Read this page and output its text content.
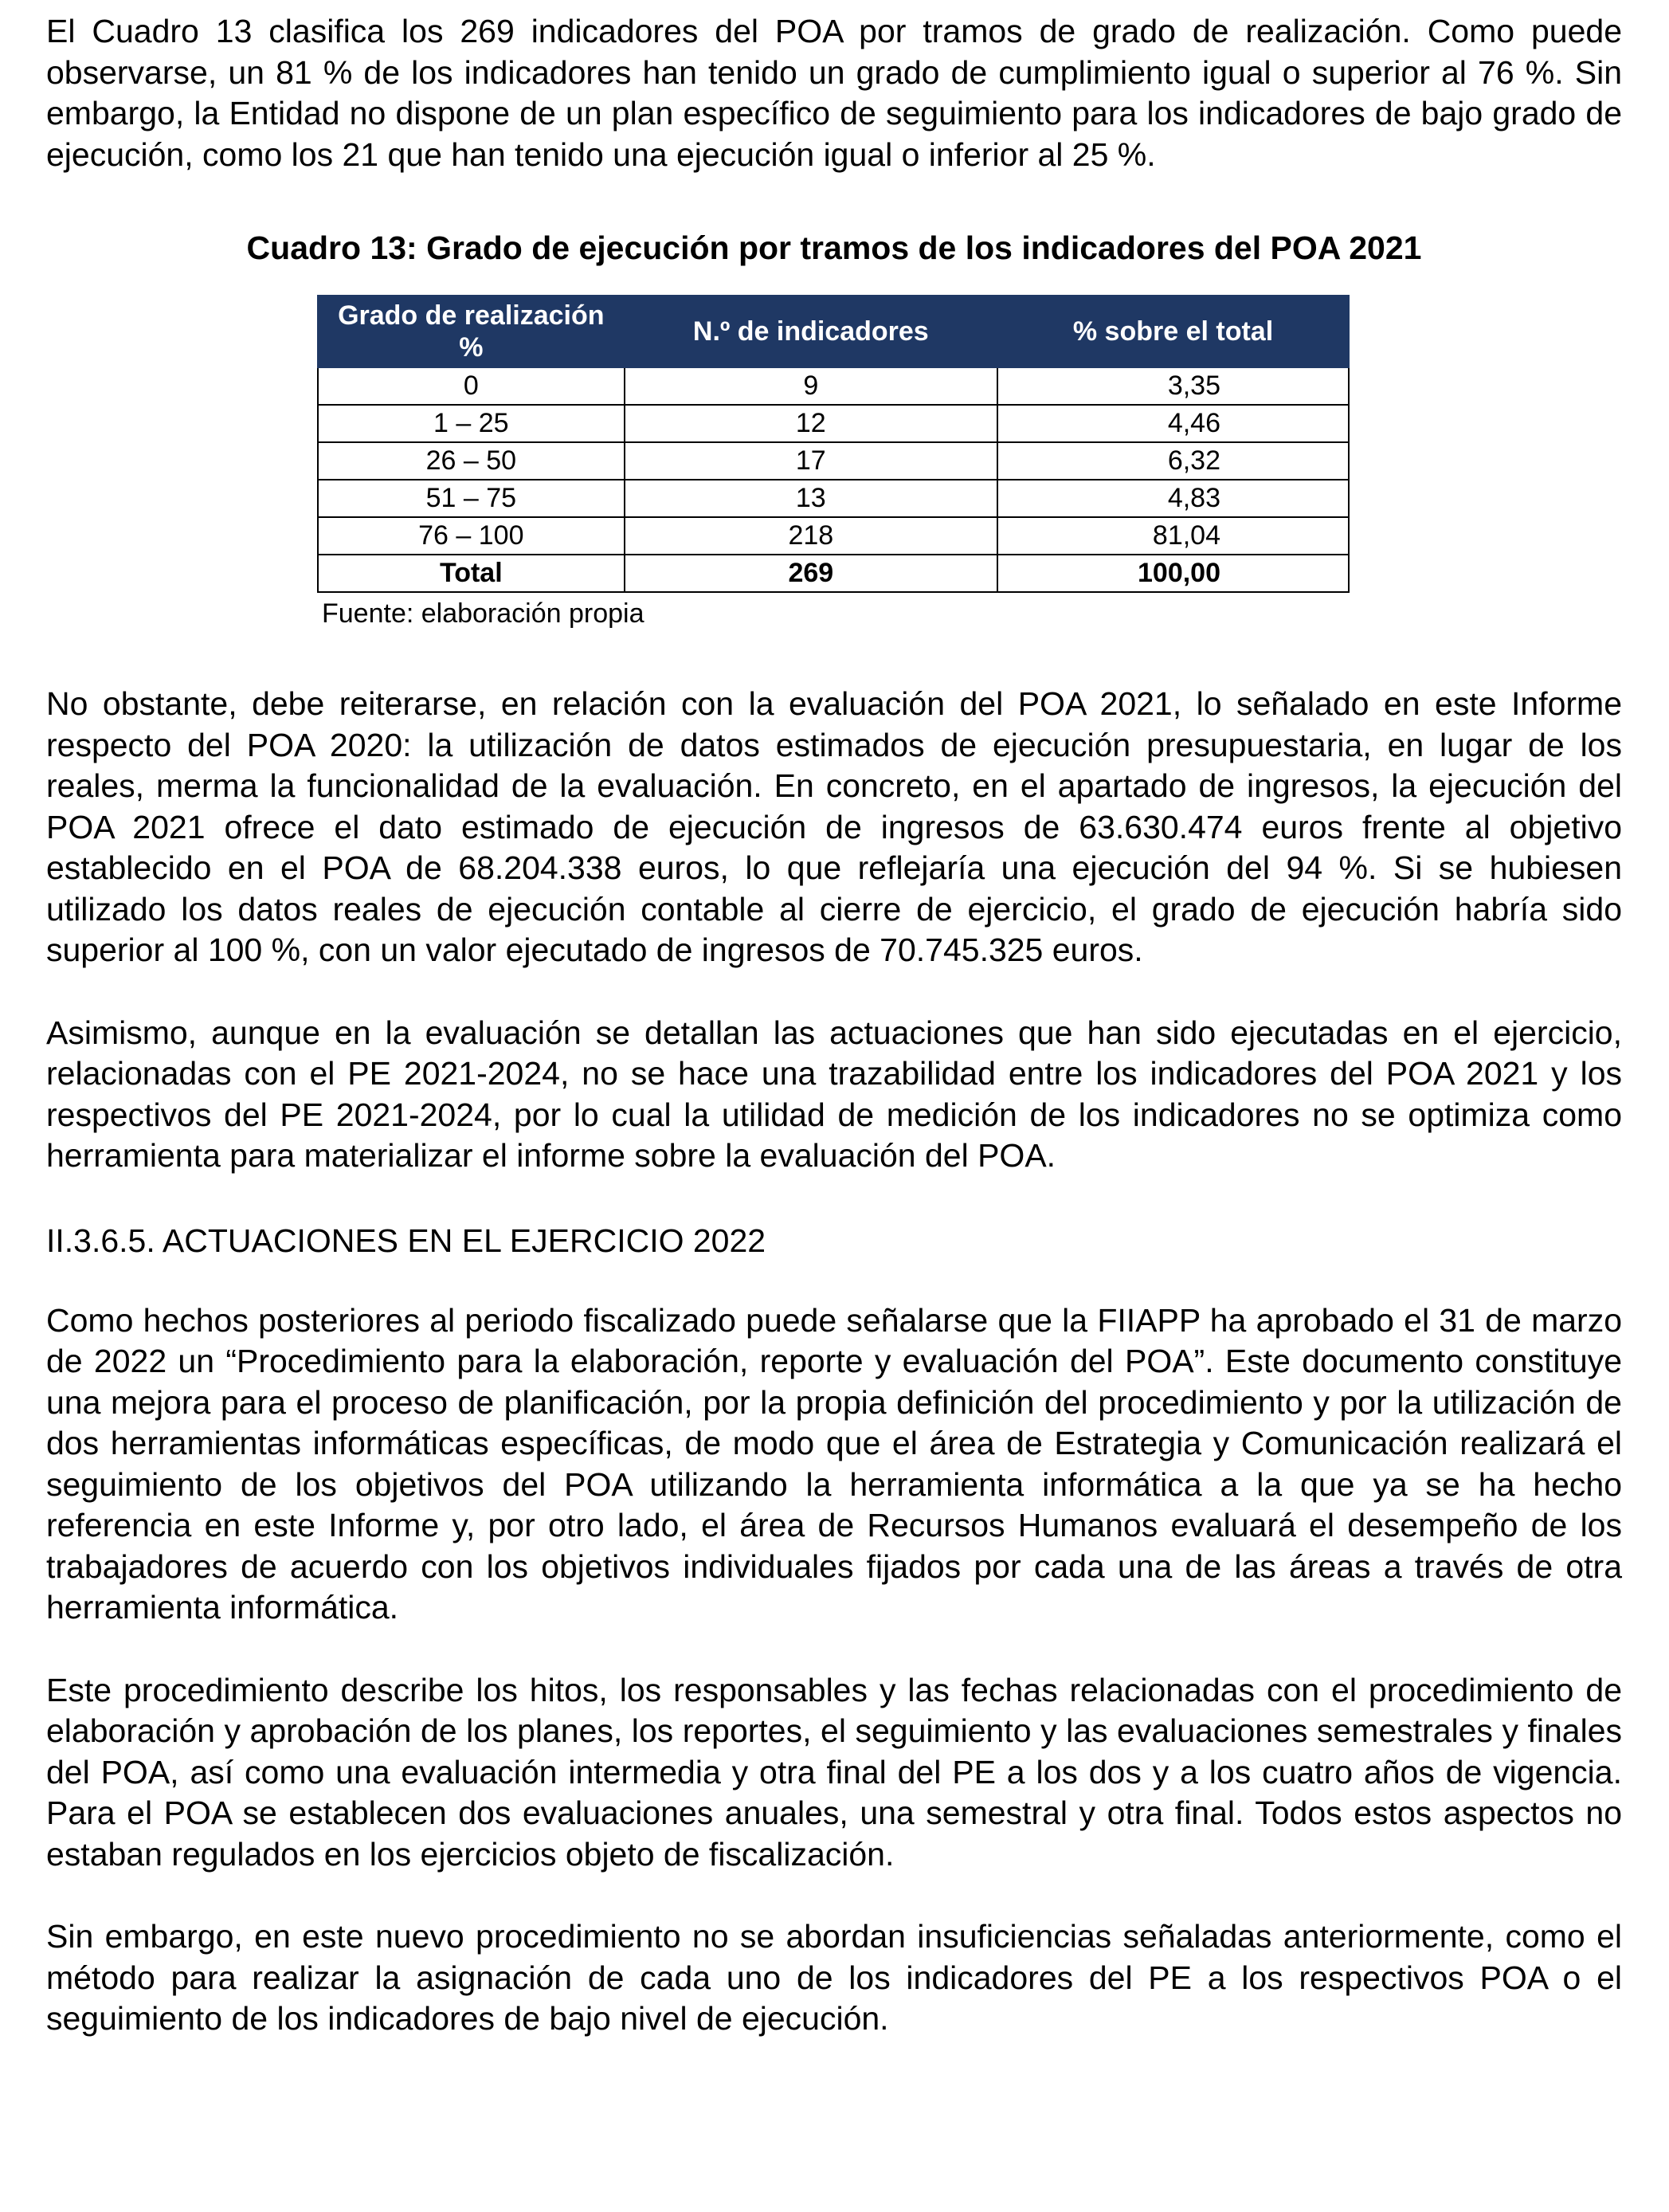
El Cuadro 13 clasifica los 269 indicadores del POA por tramos de grado de realización. Como puede observarse, un 81 % de los indicadores han tenido un grado de cumplimiento igual o superior al 76 %. Sin embargo, la Entidad no dispone de un plan específico de seguimiento para los indicadores de bajo grado de ejecución, como los 21 que han tenido una ejecución igual o inferior al 25 %.

Cuadro 13: Grado de ejecución por tramos de los indicadores del POA 2021

Grado de realización %	N.º de indicadores	% sobre el total
0	9	3,35
1 – 25	12	4,46
26 – 50	17	6,32
51 – 75	13	4,83
76 – 100	218	81,04
Total	269	100,00
Fuente: elaboración propia

No obstante, debe reiterarse, en relación con la evaluación del POA 2021, lo señalado en este Informe respecto del POA 2020: la utilización de datos estimados de ejecución presupuestaria, en lugar de los reales, merma la funcionalidad de la evaluación. En concreto, en el apartado de ingresos, la ejecución del POA 2021 ofrece el dato estimado de ejecución de ingresos de 63.630.474 euros frente al objetivo establecido en el POA de 68.204.338 euros, lo que reflejaría una ejecución del 94 %. Si se hubiesen utilizado los datos reales de ejecución contable al cierre de ejercicio, el grado de ejecución habría sido superior al 100 %, con un valor ejecutado de ingresos de 70.745.325 euros.

Asimismo, aunque en la evaluación se detallan las actuaciones que han sido ejecutadas en el ejercicio, relacionadas con el PE 2021-2024, no se hace una trazabilidad entre los indicadores del POA 2021 y los respectivos del PE 2021-2024, por lo cual la utilidad de medición de los indicadores no se optimiza como herramienta para materializar el informe sobre la evaluación del POA.

II.3.6.5. ACTUACIONES EN EL EJERCICIO 2022

Como hechos posteriores al periodo fiscalizado puede señalarse que la FIIAPP ha aprobado el 31 de marzo de 2022 un “Procedimiento para la elaboración, reporte y evaluación del POA”. Este documento constituye una mejora para el proceso de planificación, por la propia definición del procedimiento y por la utilización de dos herramientas informáticas específicas, de modo que el área de Estrategia y Comunicación realizará el seguimiento de los objetivos del POA utilizando la herramienta informática a la que ya se ha hecho referencia en este Informe y, por otro lado, el área de Recursos Humanos evaluará el desempeño de los trabajadores de acuerdo con los objetivos individuales fijados por cada una de las áreas a través de otra herramienta informática.

Este procedimiento describe los hitos, los responsables y las fechas relacionadas con el procedimiento de elaboración y aprobación de los planes, los reportes, el seguimiento y las evaluaciones semestrales y finales del POA, así como una evaluación intermedia y otra final del PE a los dos y a los cuatro años de vigencia. Para el POA se establecen dos evaluaciones anuales, una semestral y otra final. Todos estos aspectos no estaban regulados en los ejercicios objeto de fiscalización.

Sin embargo, en este nuevo procedimiento no se abordan insuficiencias señaladas anteriormente, como el método para realizar la asignación de cada uno de los indicadores del PE a los respectivos POA o el seguimiento de los indicadores de bajo nivel de ejecución.
